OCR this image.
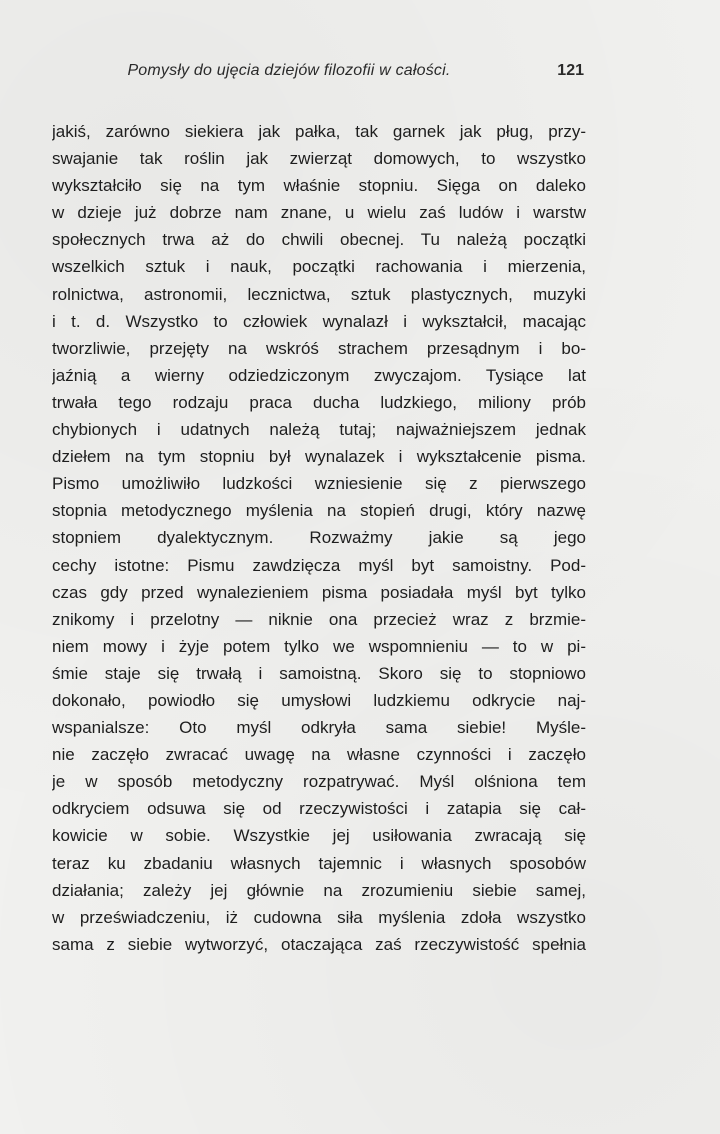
Pomysły do ujęcia dziejów filozofii w całości.	121
jakiś, zarówno siekiera jak pałka, tak garnek jak pług, przy-
swajanie tak roślin jak zwierząt domowych, to wszystko
wykształciło się na tym właśnie stopniu. Sięga on daleko
w dzieje już dobrze nam znane, u wielu zaś ludów i warstw
społecznych trwa aż do chwili obecnej. Tu należą początki
wszelkich sztuk i nauk, początki rachowania i mierzenia,
rolnictwa, astronomii, lecznictwa, sztuk plastycznych, muzyki
i t. d. Wszystko to człowiek wynalazł i wykształcił, macając
tworzliwie, przejęty na wskróś strachem przesądnym i bo-
jaźnią a wierny odziedziczonym zwyczajom. Tysiące lat
trwała tego rodzaju praca ducha ludzkiego, miliony prób
chybionych i udatnych należą tutaj; najważniejszem jednak
dziełem na tym stopniu był wynalazek i wykształcenie pisma.
Pismo umożliwiło ludzkości wzniesienie się z pierwszego
stopnia metodycznego myślenia na stopień drugi, który nazwę
stopniem dyalektycznym. Rozważmy jakie są jego
cechy istotne: Pismu zawdzięcza myśl byt samoistny. Pod-
czas gdy przed wynalezieniem pisma posiadała myśl byt tylko
znikomy i przelotny — niknie ona przecież wraz z brzmie-
niem mowy i żyje potem tylko we wspomnieniu — to w pi-
śmie staje się trwałą i samoistną. Skoro się to stopniowo
dokonało, powiodło się umysłowi ludzkiemu odkrycie naj-
wspanialsze: Oto myśl odkryła sama siebie! Myśle-
nie zaczęło zwracać uwagę na własne czynności i zaczęło
je w sposób metodyczny rozpatrywać. Myśl olśniona tem
odkryciem odsuwa się od rzeczywistości i zatapia się cał-
kowicie w sobie. Wszystkie jej usiłowania zwracają się
teraz ku zbadaniu własnych tajemnic i własnych sposobów
działania; zależy jej głównie na zrozumieniu siebie samej,
w przeświadczeniu, iż cudowna siła myślenia zdoła wszystko
sama z siebie wytworzyć, otaczająca zaś rzeczywistość spełnia
